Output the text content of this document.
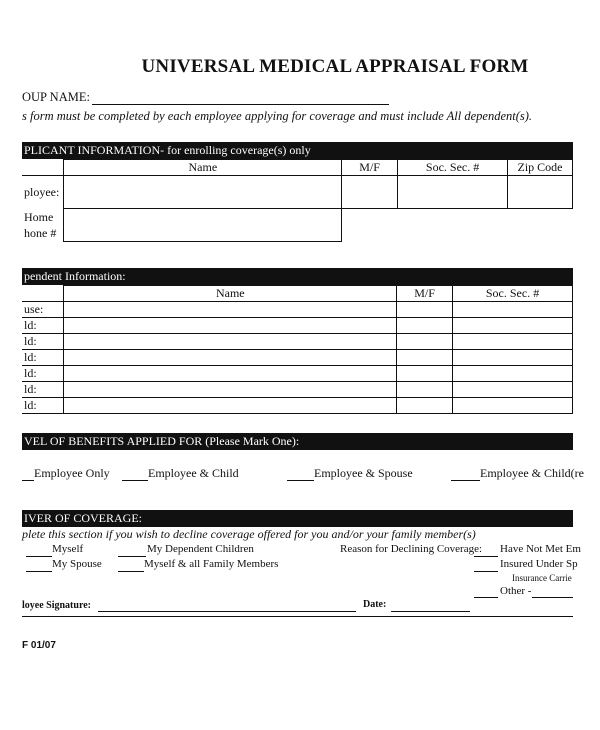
UNIVERSAL MEDICAL APPRAISAL FORM
OUP NAME:
s form must be completed by each employee applying for coverage and must include All dependent(s).
PLICANT INFORMATION- for enrolling coverage(s) only
	Name	M/F	Soc. Sec. #	Zip Code
ployee:				
Home
hone #				
pendent Information:
	Name	M/F	Soc. Sec. #
use:			
ld:			
ld:			
ld:			
ld:			
ld:			
ld:			
VEL OF BENEFITS APPLIED FOR (Please Mark One):
Employee Only	Employee & Child	Employee & Spouse	Employee & Child(re
IVER OF COVERAGE:
plete this section if you wish to decline coverage offered for you and/or your family member(s)
Myself
My Spouse
My Dependent Children
Myself & all Family Members
Reason for Declining Coverage: Have Not Met Em
Insured Under Sp
Insurance Carrie
Other -
loyee Signature:	Date:
F 01/07
